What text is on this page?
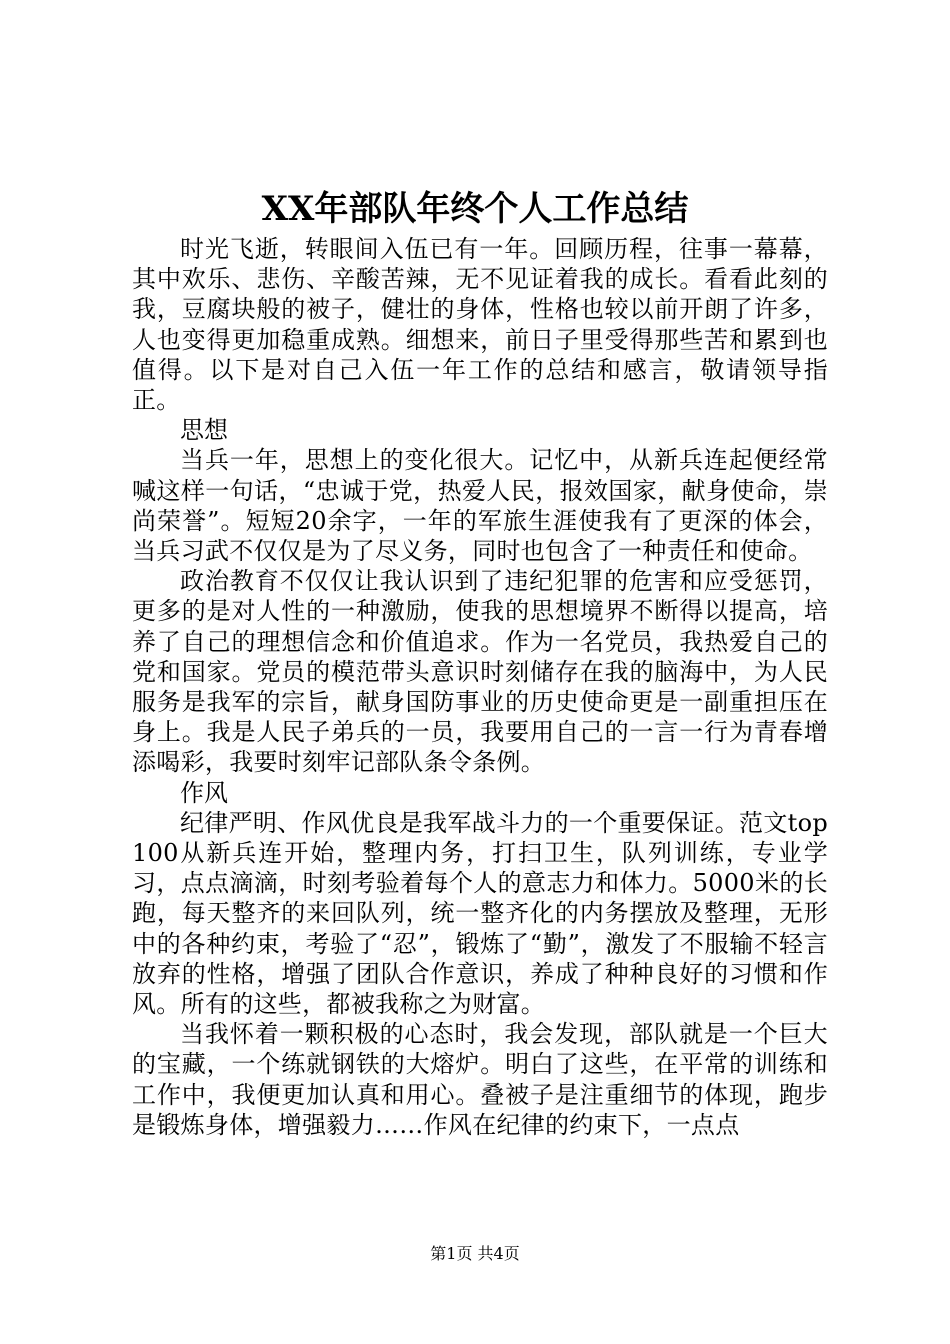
XX年部队年终个人工作总结

时光飞逝，转眼间入伍已有一年。回顾历程，往事一幕幕，其中欢乐、悲伤、辛酸苦辣，无不见证着我的成长。看看此刻的我，豆腐块般的被子，健壮的身体，性格也较以前开朗了许多，人也变得更加稳重成熟。细想来，前日子里受得那些苦和累到也值得。以下是对自己入伍一年工作的总结和感言，敬请领导指正。

思想

当兵一年，思想上的变化很大。记忆中，从新兵连起便经常喊这样一句话，“忠诚于党，热爱人民，报效国家，献身使命，崇尚荣誉”。短短20余字，一年的军旅生涯使我有了更深的体会，当兵习武不仅仅是为了尽义务，同时也包含了一种责任和使命。

政治教育不仅仅让我认识到了违纪犯罪的危害和应受惩罚，更多的是对人性的一种激励，使我的思想境界不断得以提高，培养了自己的理想信念和价值追求。作为一名党员，我热爱自己的党和国家。党员的模范带头意识时刻储存在我的脑海中，为人民服务是我军的宗旨，献身国防事业的历史使命更是一副重担压在身上。我是人民子弟兵的一员，我要用自己的一言一行为青春增添喝彩，我要时刻牢记部队条令条例。

作风

纪律严明、作风优良是我军战斗力的一个重要保证。范文top100从新兵连开始，整理内务，打扫卫生，队列训练，专业学习，点点滴滴，时刻考验着每个人的意志力和体力。5000米的长跑，每天整齐的来回队列，统一整齐化的内务摆放及整理，无形中的各种约束，考验了“忍”，锻炼了“勤”，激发了不服输不轻言放弃的性格，增强了团队合作意识，养成了种种良好的习惯和作风。所有的这些，都被我称之为财富。

当我怀着一颗积极的心态时，我会发现，部队就是一个巨大的宝藏，一个练就钢铁的大熔炉。明白了这些，在平常的训练和工作中，我便更加认真和用心。叠被子是注重细节的体现，跑步是锻炼身体，增强毅力……作风在纪律的约束下，一点点

第1页 共4页
